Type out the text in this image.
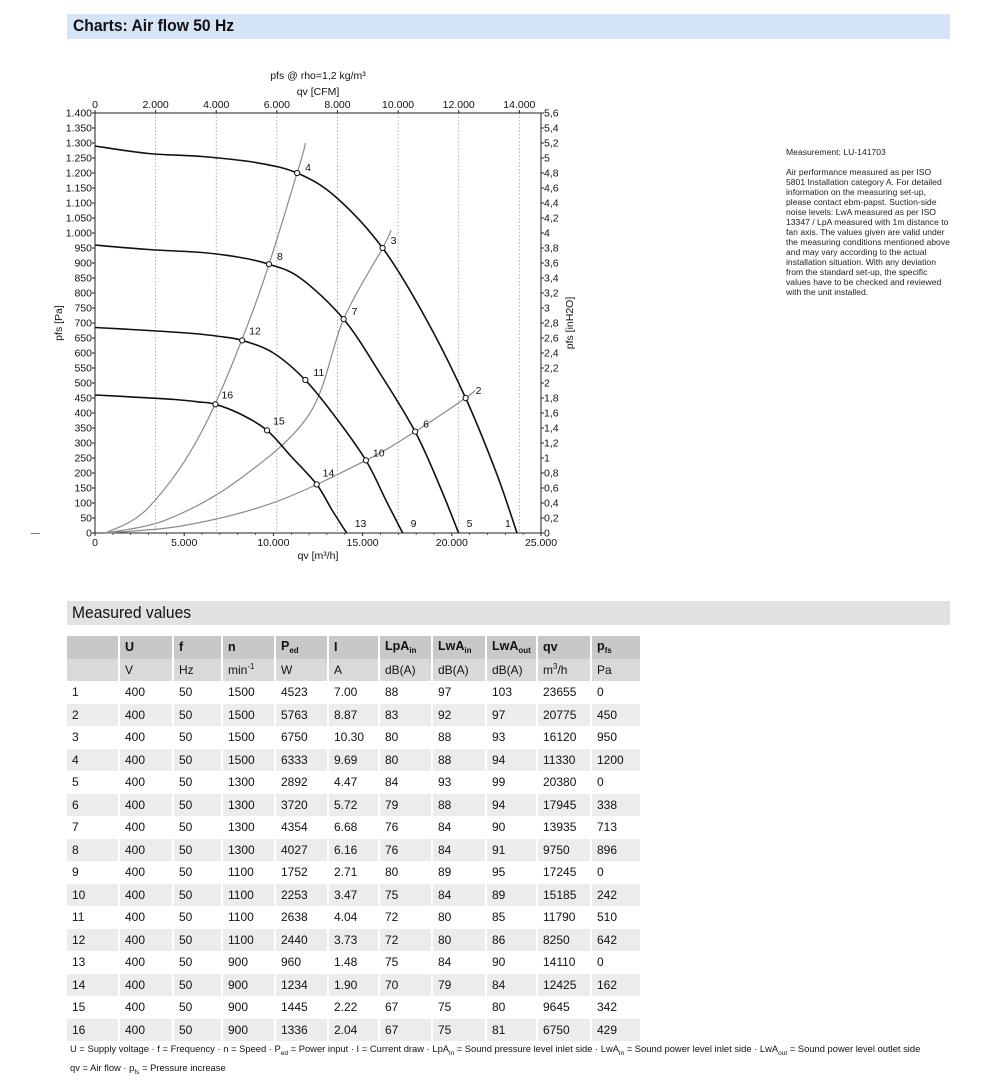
Charts: Air flow 50 Hz
0
50
100
150
200
250
300
350
400
450
500
550
600
650
700
750
800
850
900
950
1.000
1.050
1.100
1.150
1.200
1.250
1.300
1.350
1.400
0
0,2
0,4
0,6
0,8
1
1,2
1,4
1,6
1,8
2
2,2
2,4
2,6
2,8
3
3,2
3,4
3,6
3,8
4
4,2
4,4
4,6
4,8
5
5,2
5,4
5,6
0	5.000	10.000	15.000	20.000	25.000
0	2.000	4.000	6.000	8.000	10.000	12.000	14.000
pfs @ rho=1,2 kg/m³
qv [CFM]
qv [m³/h]
pfs [Pa]	pfs [inH2O]
1
2
3
4
5
6
7
8
9
10
11
12
13
14
15
16

Measurement: LU-141703

Air performance measured as per ISO 5801 Installation category A. For detailed information on the measuring set-up, please contact ebm-papst. Suction-side noise levels: LwA measured as per ISO 13347 / LpA measured with 1m distance to fan axis. The values given are valid under the measuring conditions mentioned above and may vary according to the actual installation situation. With any deviation from the standard set-up, the specific values have to be checked and reviewed with the unit installed.

Measured values
	U	f	n	$P_{ed}$	I	LpA$_{in}$	LwA$_{in}$	LwA$_{out}$	qv	$p_{fs}$
	V	Hz	$\min^{-1}$	W	A	dB(A)	dB(A)	dB(A)	$m^3/h$	Pa
1	400	50	1500	4523	7.00	88	97	103	23655	0
2	400	50	1500	5763	8.87	83	92	97	20775	450
3	400	50	1500	6750	10.30	80	88	93	16120	950
4	400	50	1500	6333	9.69	80	88	94	11330	1200
5	400	50	1300	2892	4.47	84	93	99	20380	0
6	400	50	1300	3720	5.72	79	88	94	17945	338
7	400	50	1300	4354	6.68	76	84	90	13935	713
8	400	50	1300	4027	6.16	76	84	91	9750	896
9	400	50	1100	1752	2.71	80	89	95	17245	0
10	400	50	1100	2253	3.47	75	84	89	15185	242
11	400	50	1100	2638	4.04	72	80	85	11790	510
12	400	50	1100	2440	3.73	72	80	86	8250	642
13	400	50	900	960	1.48	75	84	90	14110	0
14	400	50	900	1234	1.90	70	79	84	12425	162
15	400	50	900	1445	2.22	67	75	80	9645	342
16	400	50	900	1336	2.04	67	75	81	6750	429
U = Supply voltage · f = Frequency · n = Speed · $P_{ed}$ = Power input · I = Current draw · LpA$_{in}$ = Sound pressure level inlet side · LwA$_{in}$ = Sound power level inlet side · LwA$_{out}$ = Sound power level outlet side
qv = Air flow · $p_{fs}$ = Pressure increase
